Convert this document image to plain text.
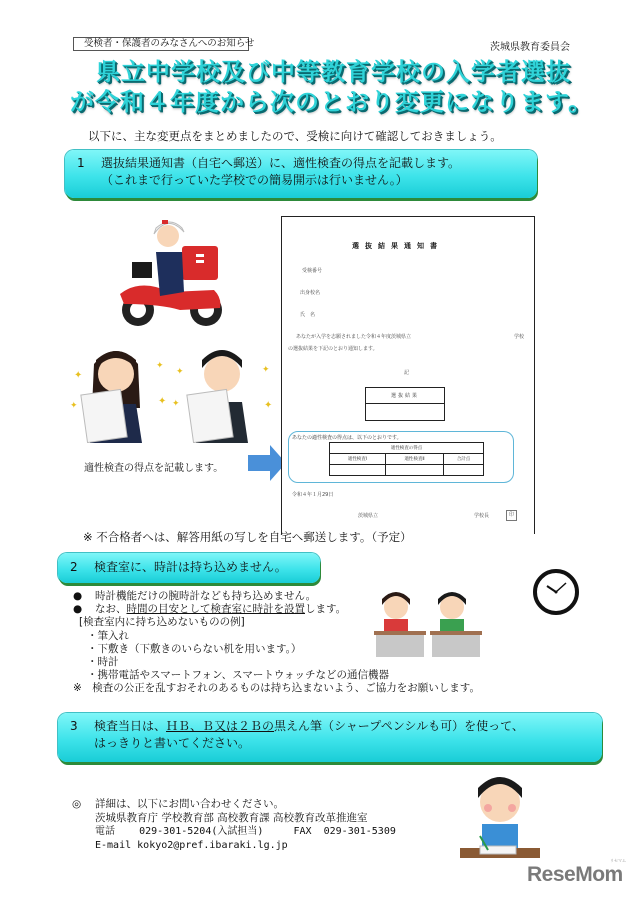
受検者・保護者のみなさんへのお知らせ	茨城県教育委員会
県立中学校及び中等教育学校の入学者選抜
が令和４年度から次のとおり変更になります。
以下に、主な変更点をまとめましたので、受検に向けて確認しておきましょう。
1 選抜結果通知書（自宅へ郵送）に、適性検査の得点を記載します。
（これまで行っていた学校での簡易開示は行いません。）
✦
✦
✦	✦
✦	✦
✦	✦
適性検査の得点を記載します。
選抜結果通知書
受検番号
出身校名
氏　名
あなたが入学を志願されました令和４年度茨城県立	学校
の選抜結果を下記のとおり通知します。
記
選抜結果
あなたの適性検査の得点は、以下のとおりです。
適性検査の得点		
適性検査Ⅰ	適性検査Ⅱ	合計点

令和４年１月29日
茨城県立	学校長	印
※ 不合格者へは、解答用紙の写しを自宅へ郵送します。（予定）
2 検査室に、時計は持ち込めません。
● 時計機能だけの腕時計なども持ち込めません。
● なお、時間の目安として検査室に時計を設置します。
[検査室内に持ち込めないものの例]
・筆入れ
・下敷き（下敷きのいらない机を用います。）
・時計
・携帯電話やスマートフォン、スマートウォッチなどの通信機器
※　検査の公正を乱すおそれのあるものは持ち込まないよう、ご協力をお願いします。
3 検査当日は、ＨＢ、Ｂ又は２Ｂの黒えん筆（シャープペンシルも可）を使って、
はっきりと書いてください。
◎ 詳細は、以下にお問い合わせください。
茨城県教育庁 学校教育部 高校教育課 高校教育改革推進室
電話 029-301-5204(入試担当)	FAX 029-301-5309
E-mail kokyo2@pref.ibaraki.lg.jp
リセマム
ReseMom
